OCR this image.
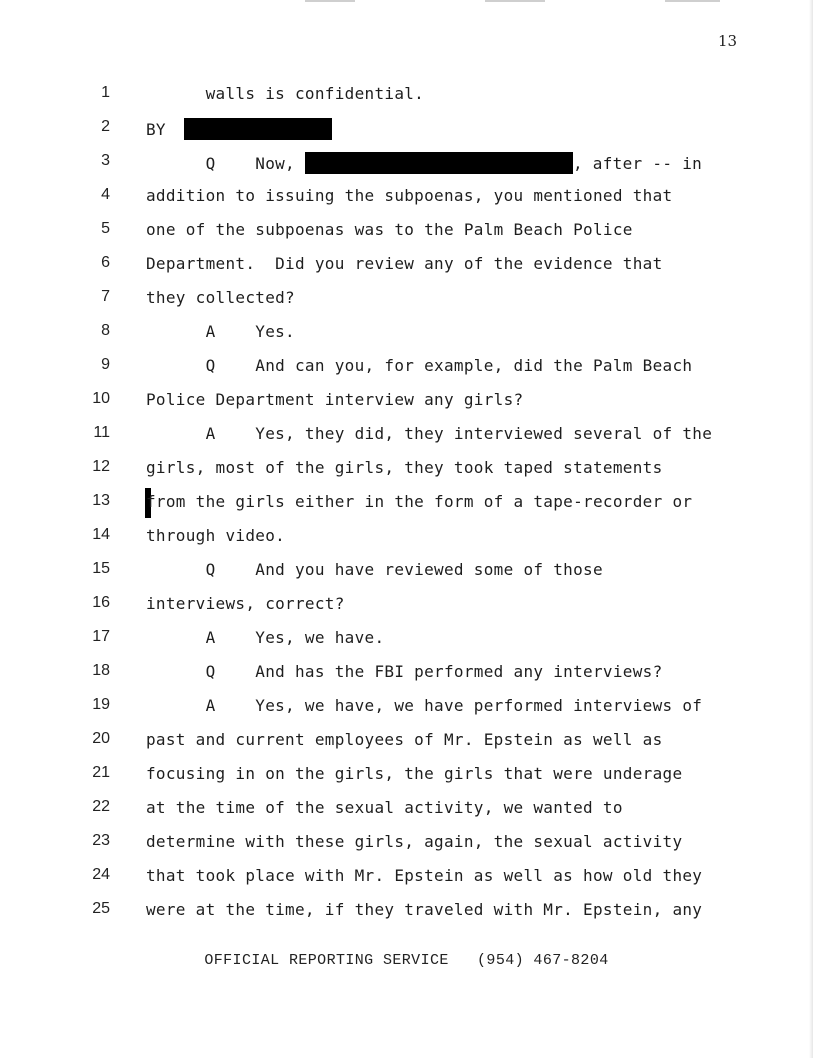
13
1 walls is confidential.
2 BY
3 Q    Now,	, after -- in
4 addition to issuing the subpoenas, you mentioned that
5 one of the subpoenas was to the Palm Beach Police
6 Department.  Did you review any of the evidence that
7 they collected?
8 A    Yes.
9 Q    And can you, for example, did the Palm Beach
10 Police Department interview any girls?
11 A    Yes, they did, they interviewed several of the
12 girls, most of the girls, they took taped statements
13 from the girls either in the form of a tape-recorder or
14 through video.
15 Q    And you have reviewed some of those
16 interviews, correct?
17 A    Yes, we have.
18 Q    And has the FBI performed any interviews?
19 A    Yes, we have, we have performed interviews of
20 past and current employees of Mr. Epstein as well as
21 focusing in on the girls, the girls that were underage
22 at the time of the sexual activity, we wanted to
23 determine with these girls, again, the sexual activity
24 that took place with Mr. Epstein as well as how old they
25 were at the time, if they traveled with Mr. Epstein, any
OFFICIAL REPORTING SERVICE (954) 467-8204
